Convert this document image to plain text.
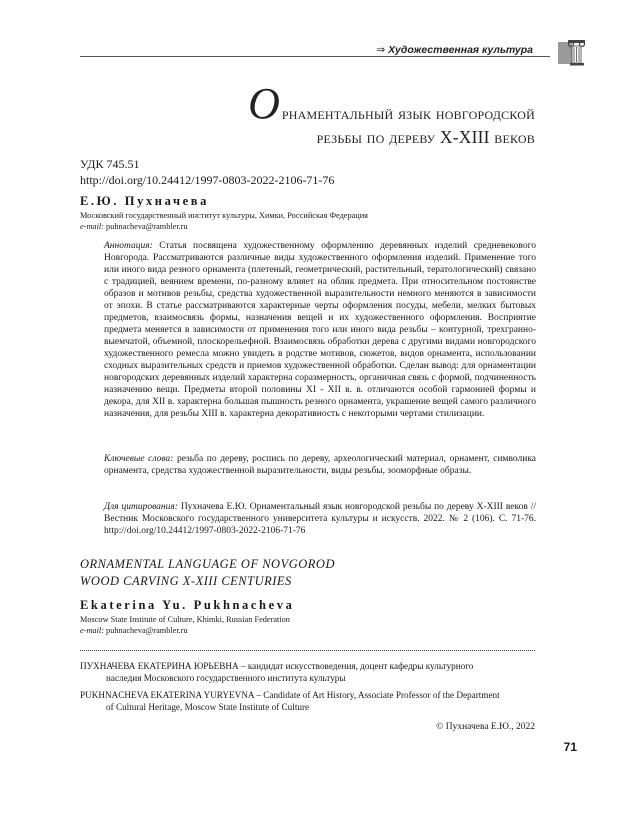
⇒ Художественная культура
О рнаментальный язык новгородской
резьбы по дереву X-XIII веков
УДК 745.51
http://doi.org/10.24412/1997-0803-2022-2106-71-76
Е.Ю. Пухначева
Московский государственный институт культуры, Химки, Российская Федерация
e-mail: puhnacheva@rambler.ru
Аннотация: Статья посвящена художественному оформлению деревянных изделий средневекового Новгорода. Рассматриваются различные виды художественного оформления изделий. Применение того или иного вида резного орнамента (плетеный, геометрический, растительный, тератологический) связано с традицией, веянием времени, по-разному влияет на облик предмета. При относительном постоянстве образов и мотивов резьбы, средства художественной выразительности немного меняются в зависимости от эпохи. В статье рассматриваются характерные черты оформления посуды, мебели, мелких бытовых предметов, взаимосвязь формы, назначения вещей и их художественного оформления. Восприятие предмета меняется в зависимости от применения того или иного вида резьбы – контурной, трехгранно-выемчатой, объемной, плоскорельефной. Взаимосвязь обработки дерева с другими видами новгородского художественного ремесла можно увидеть в родстве мотивов, сюжетов, видов орнамента, использовании сходных выразительных средств и приемов художественной обработки. Сделан вывод: для орнаментации новгородских деревянных изделий характерна соразмерность, органичная связь с формой, подчиненность назначению вещи. Предметы второй половины XI - XII в. в. отличаются особой гармонией формы и декора, для XII в. характерна большая пышность резного орнамента, украшение вещей самого различного назначения, для резьбы XIII в. характерна декоративность с некоторыми чертами стилизации.
Ключевые слова: резьба по дереву, роспись по дереву, археологический материал, орнамент, символика орнамента, средства художественной выразительности, виды резьбы, зооморфные образы.
Для цитирования: Пухначева Е.Ю. Орнаментальный язык новгородской резьбы по дереву X-XIII веков // Вестник Московского государственного университета культуры и искусств. 2022. № 2 (106). С. 71-76. http://doi.org/10.24412/1997-0803-2022-2106-71-76
ORNAMENTAL LANGUAGE OF NOVGOROD
WOOD CARVING X-XIII CENTURIES
Ekaterina Yu. Pukhnacheva
Moscow State Institute of Culture, Khimki, Russian Federation
e-mail: puhnacheva@rambler.ru
ПУХНАЧЕВА ЕКАТЕРИНА ЮРЬЕВНА – кандидат искусствоведения, доцент кафедры культурного
наследия Московского государственного института культуры
PUKHNACHEVA EKATERINA YURYEVNA – Candidate of Art History, Associate Professor of the Department
of Cultural Heritage, Moscow State Institute of Culture
© Пухначева Е.Ю., 2022
71
